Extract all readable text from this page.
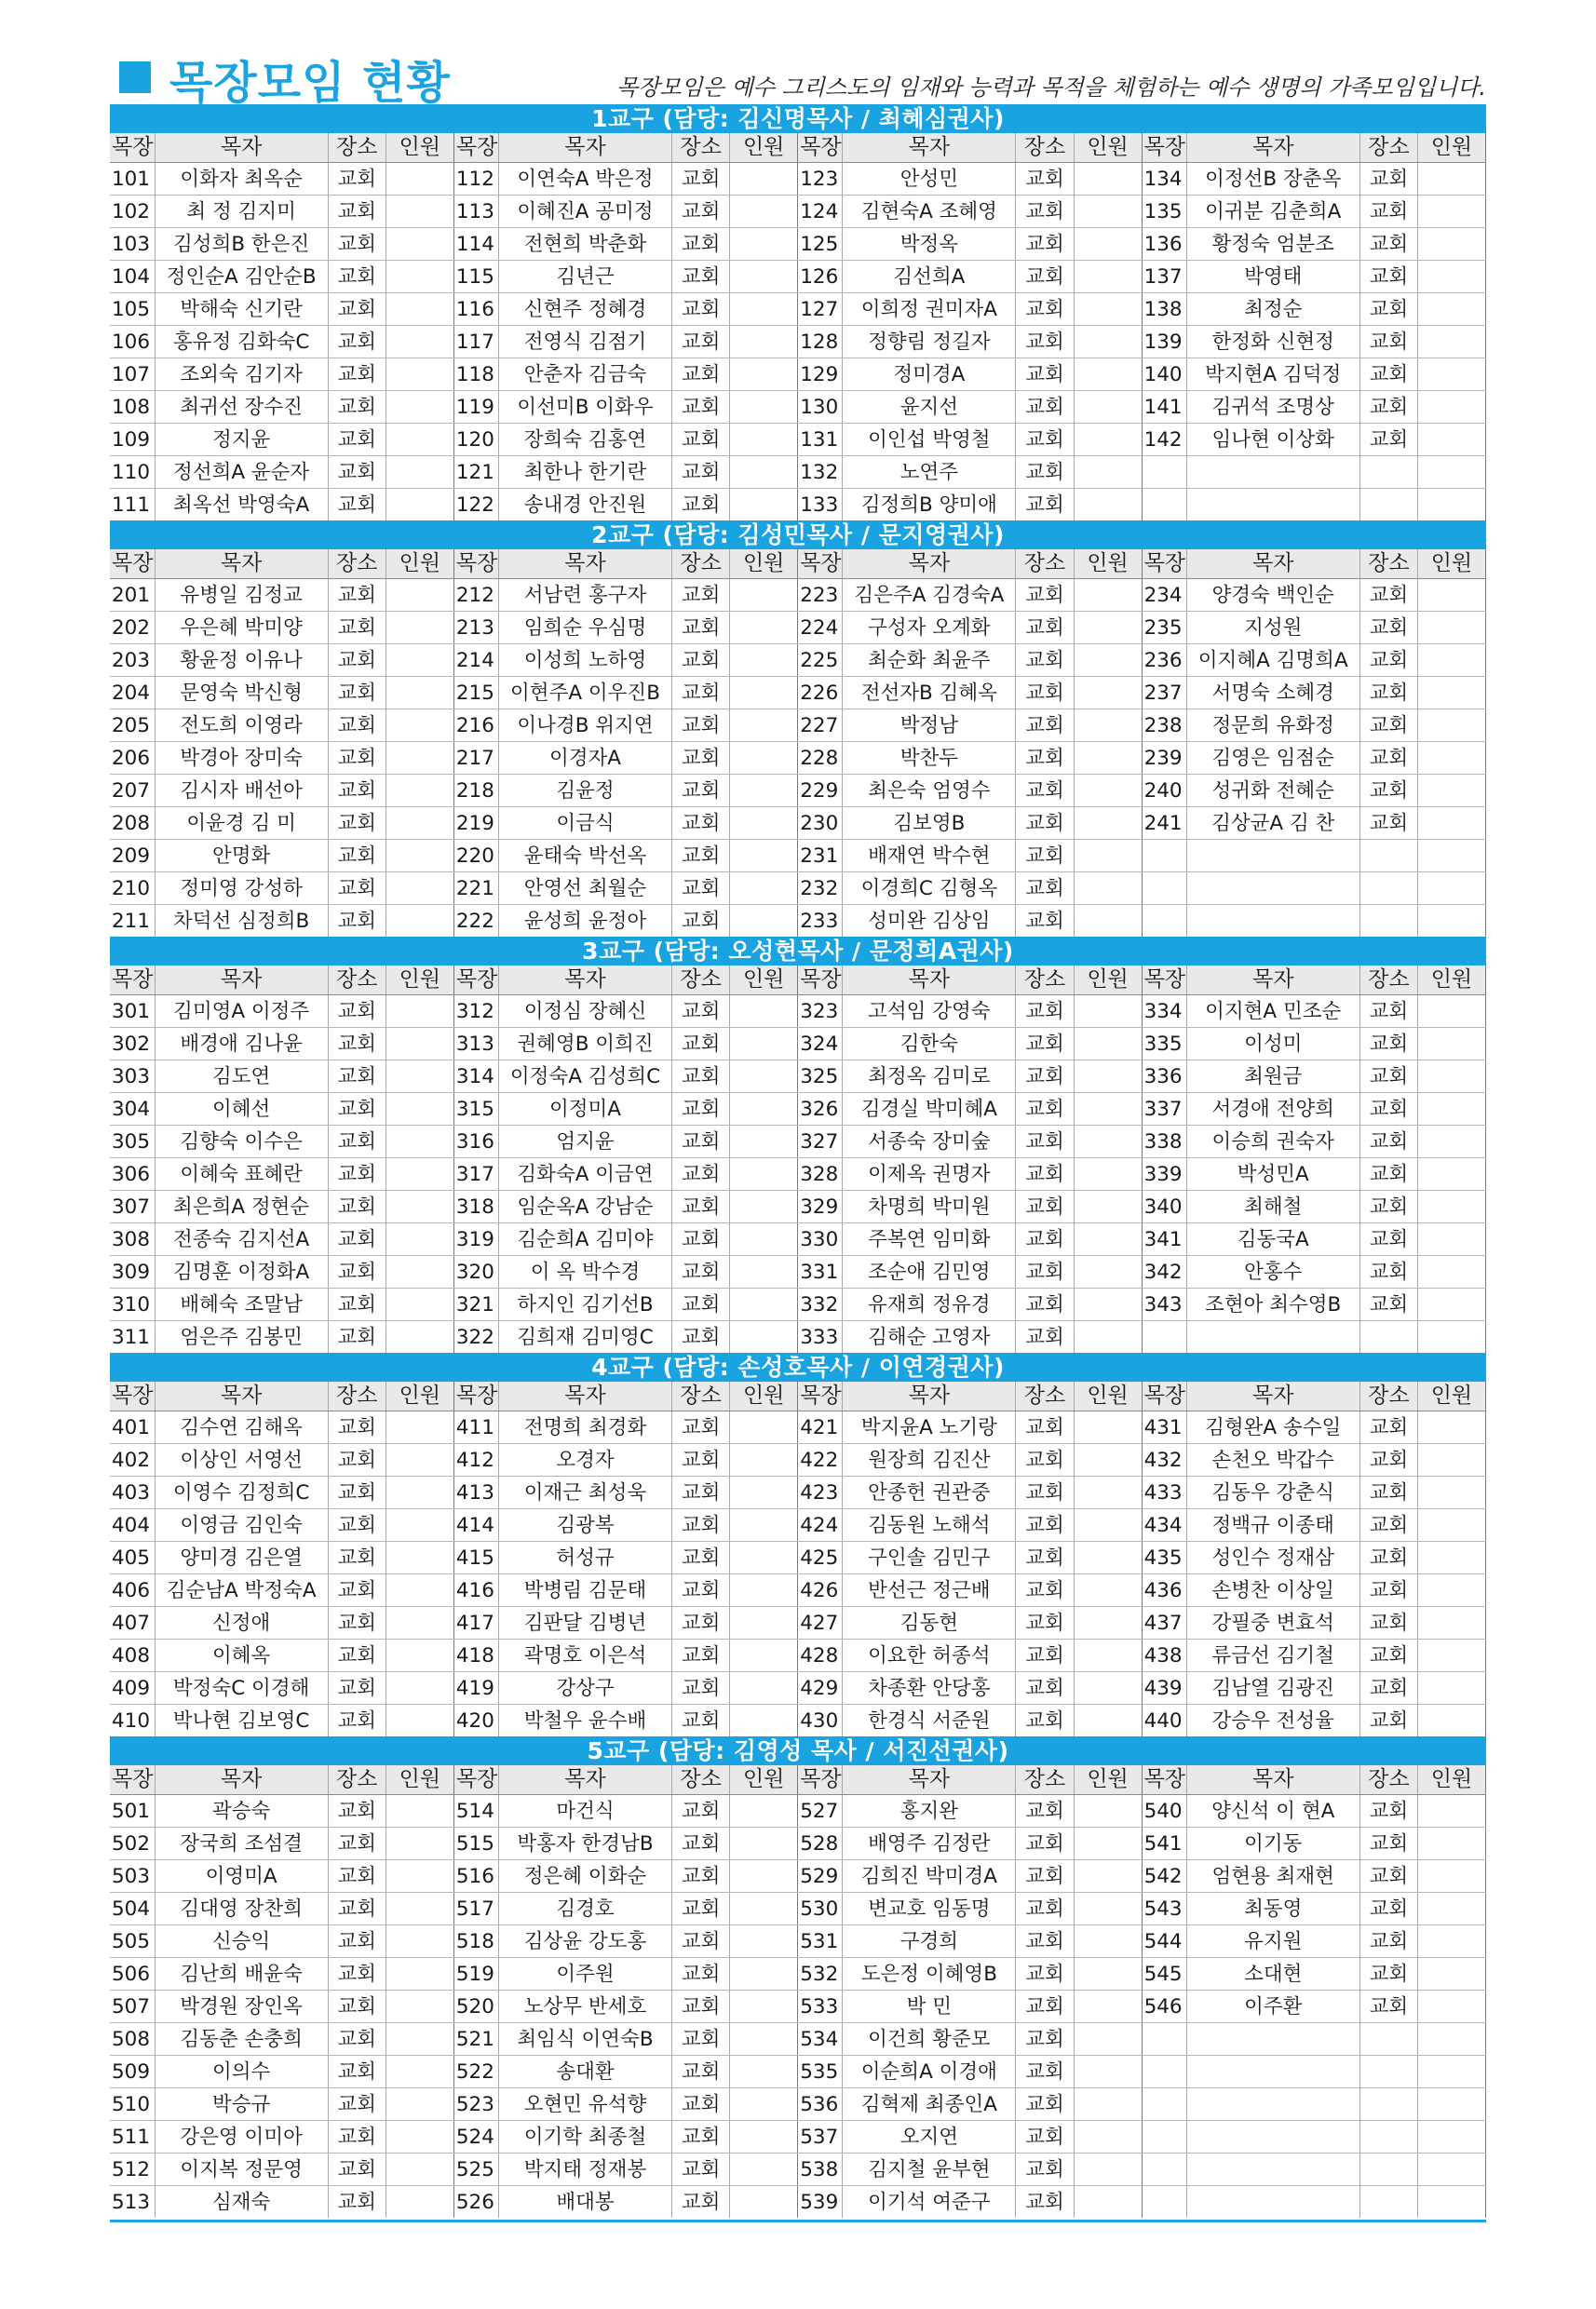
목장모임 현황	목장모임은 예수 그리스도의 임재와 능력과 목적을 체험하는 예수 생명의 가족모임입니다.
1교구 (담당: 김신명목사 / 최혜심권사)
목장	목자	장소	인원	목장	목자	장소	인원	목장	목자	장소	인원	목장	목자	장소	인원
101	이화자 최옥순	교회		112	이연숙A 박은정	교회		123	안성민	교회		134	이정선B 장춘옥	교회	
102	최 정 김지미	교회		113	이혜진A 공미정	교회		124	김현숙A 조혜영	교회		135	이귀분 김춘희A	교회	
103	김성희B 한은진	교회		114	전현희 박춘화	교회		125	박정옥	교회		136	황정숙 엄분조	교회	
104	정인순A 김안순B	교회		115	김년근	교회		126	김선희A	교회		137	박영태	교회	
105	박해숙 신기란	교회		116	신현주 정혜경	교회		127	이희정 권미자A	교회		138	최정순	교회	
106	홍유정 김화숙C	교회		117	전영식 김점기	교회		128	정향림 정길자	교회		139	한정화 신현정	교회	
107	조외숙 김기자	교회		118	안춘자 김금숙	교회		129	정미경A	교회		140	박지현A 김덕정	교회	
108	최귀선 장수진	교회		119	이선미B 이화우	교회		130	윤지선	교회		141	김귀석 조명상	교회	
109	정지윤	교회		120	장희숙 김홍연	교회		131	이인섭 박영철	교회		142	임나현 이상화	교회	
110	정선희A 윤순자	교회		121	최한나 한기란	교회		132	노연주	교회					
111	최옥선 박영숙A	교회		122	송내경 안진원	교회		133	김정희B 양미애	교회					
2교구 (담당: 김성민목사 / 문지영권사)
목장	목자	장소	인원	목장	목자	장소	인원	목장	목자	장소	인원	목장	목자	장소	인원
201	유병일 김정교	교회		212	서남련 홍구자	교회		223	김은주A 김경숙A	교회		234	양경숙 백인순	교회	
202	우은혜 박미양	교회		213	임희순 우심명	교회		224	구성자 오계화	교회		235	지성원	교회	
203	황윤정 이유나	교회		214	이성희 노하영	교회		225	최순화 최윤주	교회		236	이지혜A 김명희A	교회	
204	문영숙 박신형	교회		215	이현주A 이우진B	교회		226	전선자B 김혜옥	교회		237	서명숙 소혜경	교회	
205	전도희 이영라	교회		216	이나경B 위지연	교회		227	박정남	교회		238	정문희 유화정	교회	
206	박경아 장미숙	교회		217	이경자A	교회		228	박찬두	교회		239	김영은 임점순	교회	
207	김시자 배선아	교회		218	김윤정	교회		229	최은숙 엄영수	교회		240	성귀화 전혜순	교회	
208	이윤경 김 미	교회		219	이금식	교회		230	김보영B	교회		241	김상균A 김 찬	교회	
209	안명화	교회		220	윤태숙 박선옥	교회		231	배재연 박수현	교회					
210	정미영 강성하	교회		221	안영선 최월순	교회		232	이경희C 김형옥	교회					
211	차덕선 심정희B	교회		222	윤성희 윤정아	교회		233	성미완 김상임	교회					
3교구 (담당: 오성현목사 / 문정희A권사)
목장	목자	장소	인원	목장	목자	장소	인원	목장	목자	장소	인원	목장	목자	장소	인원
301	김미영A 이정주	교회		312	이정심 장혜신	교회		323	고석임 강영숙	교회		334	이지현A 민조순	교회	
302	배경애 김나윤	교회		313	권혜영B 이희진	교회		324	김한숙	교회		335	이성미	교회	
303	김도연	교회		314	이정숙A 김성희C	교회		325	최정옥 김미로	교회		336	최원금	교회	
304	이혜선	교회		315	이정미A	교회		326	김경실 박미혜A	교회		337	서경애 전양희	교회	
305	김향숙 이수은	교회		316	엄지윤	교회		327	서종숙 장미숲	교회		338	이승희 권숙자	교회	
306	이혜숙 표혜란	교회		317	김화숙A 이금연	교회		328	이제옥 권명자	교회		339	박성민A	교회	
307	최은희A 정현순	교회		318	임순옥A 강남순	교회		329	차명희 박미원	교회		340	최해철	교회	
308	전종숙 김지선A	교회		319	김순희A 김미야	교회		330	주복연 임미화	교회		341	김동국A	교회	
309	김명훈 이정화A	교회		320	이 옥 박수경	교회		331	조순애 김민영	교회		342	안홍수	교회	
310	배혜숙 조말남	교회		321	하지인 김기선B	교회		332	유재희 정유경	교회		343	조현아 최수영B	교회	
311	엄은주 김봉민	교회		322	김희재 김미영C	교회		333	김해순 고영자	교회					
4교구 (담당: 손성호목사 / 이연경권사)
목장	목자	장소	인원	목장	목자	장소	인원	목장	목자	장소	인원	목장	목자	장소	인원
401	김수연 김해옥	교회		411	전명희 최경화	교회		421	박지윤A 노기랑	교회		431	김형완A 송수일	교회	
402	이상인 서영선	교회		412	오경자	교회		422	원장희 김진산	교회		432	손천오 박갑수	교회	
403	이영수 김정희C	교회		413	이재근 최성욱	교회		423	안종헌 권관중	교회		433	김동우 강춘식	교회	
404	이영금 김인숙	교회		414	김광복	교회		424	김동원 노해석	교회		434	정백규 이종태	교회	
405	양미경 김은열	교회		415	허성규	교회		425	구인솔 김민구	교회		435	성인수 정재삼	교회	
406	김순남A 박정숙A	교회		416	박병림 김문태	교회		426	반선근 정근배	교회		436	손병찬 이상일	교회	
407	신정애	교회		417	김판달 김병년	교회		427	김동현	교회		437	강필중 변효석	교회	
408	이혜옥	교회		418	곽명호 이은석	교회		428	이요한 허종석	교회		438	류금선 김기철	교회	
409	박정숙C 이경해	교회		419	강상구	교회		429	차종환 안당홍	교회		439	김남열 김광진	교회	
410	박나현 김보영C	교회		420	박철우 윤수배	교회		430	한경식 서준원	교회		440	강승우 전성율	교회	
5교구 (담당: 김영성 목사 / 서진선권사)
목장	목자	장소	인원	목장	목자	장소	인원	목장	목자	장소	인원	목장	목자	장소	인원
501	곽승숙	교회		514	마건식	교회		527	홍지완	교회		540	양신석 이 현A	교회	
502	장국희 조섬결	교회		515	박홍자 한경남B	교회		528	배영주 김정란	교회		541	이기동	교회	
503	이영미A	교회		516	정은혜 이화순	교회		529	김희진 박미경A	교회		542	엄현용 최재현	교회	
504	김대영 장찬희	교회		517	김경호	교회		530	변교호 임동명	교회		543	최동영	교회	
505	신승익	교회		518	김상윤 강도홍	교회		531	구경희	교회		544	유지원	교회	
506	김난희 배윤숙	교회		519	이주원	교회		532	도은정 이혜영B	교회		545	소대현	교회	
507	박경원 장인옥	교회		520	노상무 반세호	교회		533	박 민	교회		546	이주환	교회	
508	김동춘 손충희	교회		521	최임식 이연숙B	교회		534	이건희 황준모	교회					
509	이의수	교회		522	송대환	교회		535	이순희A 이경애	교회					
510	박승규	교회		523	오현민 유석향	교회		536	김혁제 최종인A	교회					
511	강은영 이미아	교회		524	이기학 최종철	교회		537	오지연	교회					
512	이지복 정문영	교회		525	박지태 정재봉	교회		538	김지철 윤부현	교회					
513	심재숙	교회		526	배대봉	교회		539	이기석 여준구	교회					
